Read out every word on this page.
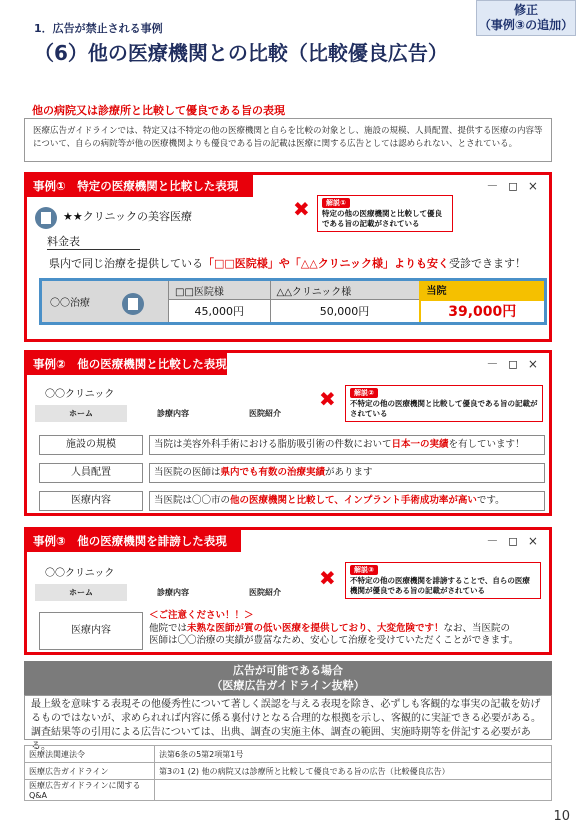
修正
（事例③の追加）
1．広告が禁止される事例
（6）他の医療機関との比較（比較優良広告）
他の病院又は診療所と比較して優良である旨の表現
医療広告ガイドラインでは、特定又は不特定の他の医療機関と自らを比較の対象とし、施設の規模、人員配置、提供する医療の内容等について、自らの病院等が他の医療機関よりも優良である旨の記載は医療に関する広告としては認められない、とされている。
事例①　特定の医療機関と比較した表現	－ ◻ ×
★★クリニックの美容医療
料金表
✖	解説①
特定の他の医療機関と比較して優良である旨の記載がされている
県内で同じ治療を提供している「□□医院様」や「△△クリニック様」よりも安く受診できます！
〇〇治療	□□医院様	△△クリニック様	当院
	45,000円	50,000円	39,000円
事例②　他の医療機関と比較した表現	－ ◻ ×
〇〇クリニック
ホーム	診療内容	医院紹介
✖	解説②
不特定の他の医療機関と比較して優良である旨の記載がされている
施設の規模	当院は美容外科手術における脂肪吸引術の件数において日本一の実績を有しています！
人員配置	当医院の医師は県内でも有数の治療実績があります
医療内容	当医院は〇〇市の他の医療機関と比較して、インプラント手術成功率が高いです。
事例③　他の医療機関を誹謗した表現	－ ◻ ×
〇〇クリニック
ホーム	診療内容	医院紹介
✖	解説③
不特定の他の医療機関を誹謗することで、自らの医療機関が優良である旨の記載がされている
医療内容
＜ご注意ください！！＞
他院では未熟な医師が質の低い医療を提供しており、大変危険です！なお、当医院の
医師は〇〇治療の実績が豊富なため、安心して治療を受けていただくことができます。
広告が可能である場合
（医療広告ガイドライン抜粋）
最上級を意味する表現その他優秀性について著しく誤認を与える表現を除き、必ずしも客観的な事実の記載を妨げるものではないが、求められれば内容に係る裏付けとなる合理的な根拠を示し、客観的に実証できる必要がある。調査結果等の引用による広告については、出典、調査の実施主体、調査の範囲、実施時期等を併記する必要がある。
医療法関連法令	法第6条の5第2項第1号
医療広告ガイドライン	第3の1 (2) 他の病院又は診療所と比較して優良である旨の広告（比較優良広告）
医療広告ガイドラインに関するQ&A	
10
